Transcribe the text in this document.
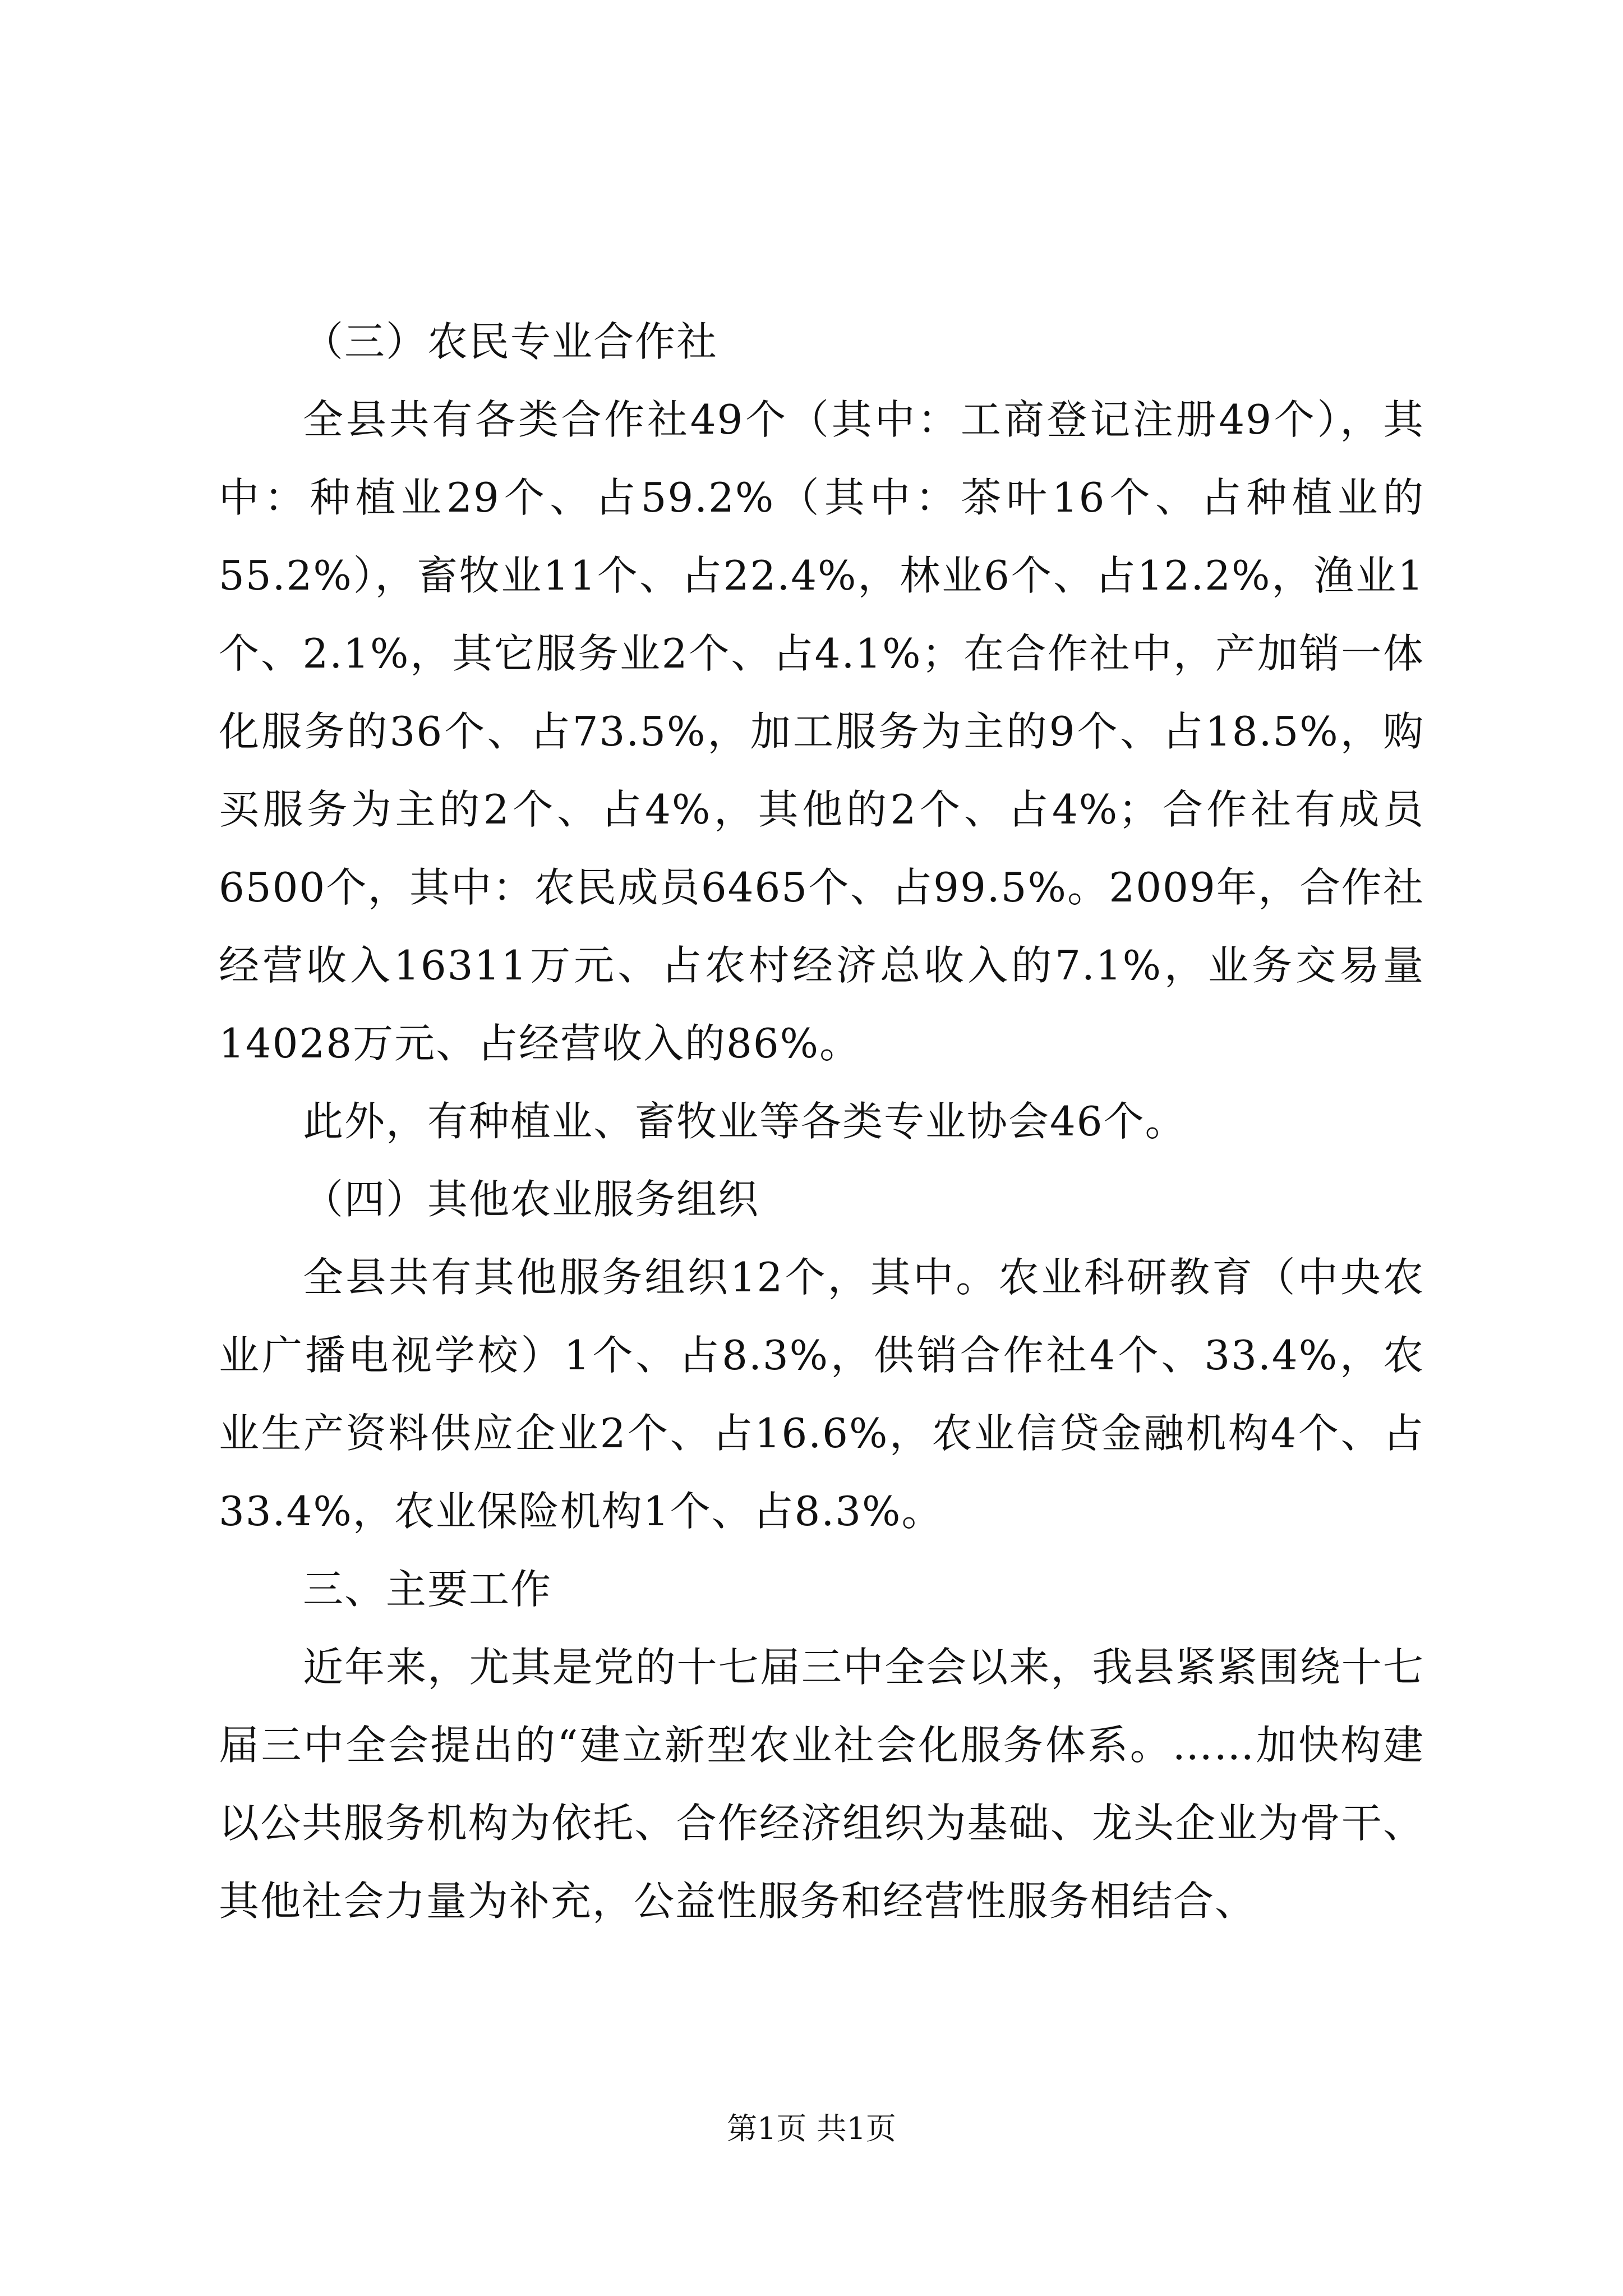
（三）农民专业合作社

全县共有各类合作社49个（其中：工商登记注册49个），其中：种植业29个、占59.2%（其中：茶叶16个、占种植业的55.2%），畜牧业11个、占22.4%，林业6个、占12.2%，渔业1个、2.1%，其它服务业2个、占4.1%；在合作社中，产加销一体化服务的36个、占73.5%，加工服务为主的9个、占18.5%，购买服务为主的2个、占4%，其他的2个、占4%；合作社有成员6500个，其中：农民成员6465个、占99.5%。2009年，合作社经营收入16311万元、占农村经济总收入的7.1%，业务交易量14028万元、占经营收入的86%。

此外，有种植业、畜牧业等各类专业协会46个。

（四）其他农业服务组织

全县共有其他服务组织12个，其中。农业科研教育（中央农业广播电视学校）1个、占8.3%，供销合作社4个、33.4%，农业生产资料供应企业2个、占16.6%，农业信贷金融机构4个、占33.4%，农业保险机构1个、占8.3%。

三、主要工作

近年来，尤其是党的十七届三中全会以来，我县紧紧围绕十七届三中全会提出的“建立新型农业社会化服务体系。……加快构建以公共服务机构为依托、合作经济组织为基础、龙头企业为骨干、其他社会力量为补充，公益性服务和经营性服务相结合、

第1页 共1页
